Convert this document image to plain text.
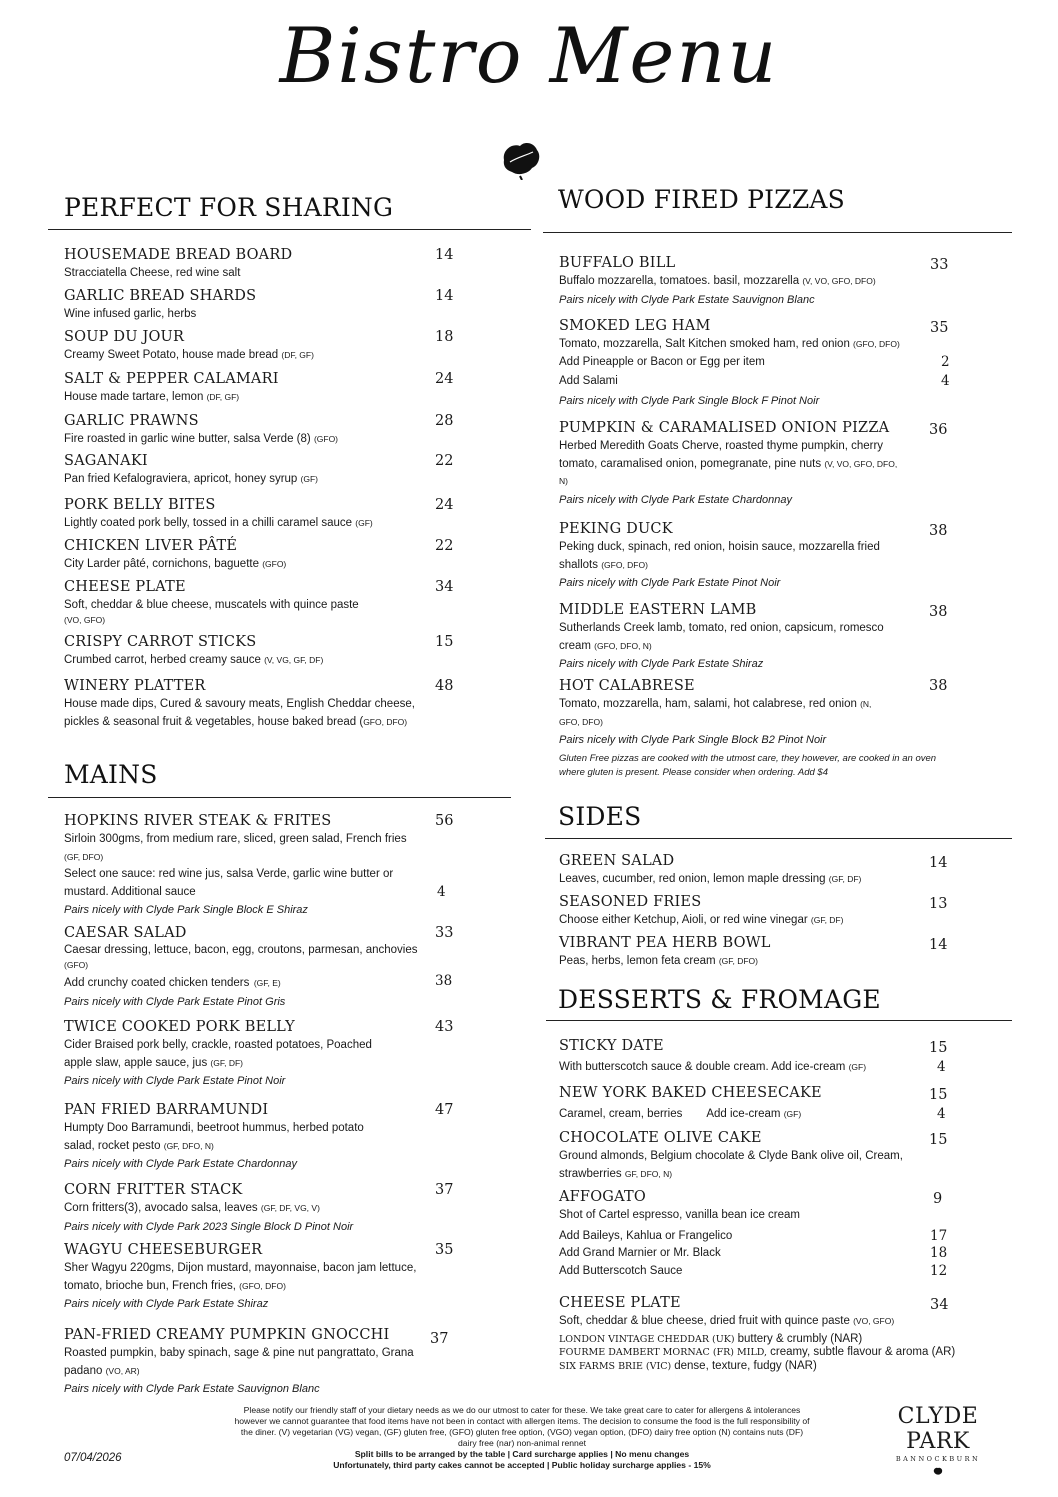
Bistro Menu
PERFECT FOR SHARING
HOUSEMADE BREAD BOARD	14
Stracciatella Cheese, red wine salt
GARLIC BREAD SHARDS	14
Wine infused garlic, herbs
SOUP DU JOUR	18
Creamy Sweet Potato, house made bread (DF, GF)
SALT & PEPPER CALAMARI	24
House made tartare, lemon (DF, GF)
GARLIC PRAWNS	28
Fire roasted in garlic wine butter, salsa Verde (8) (GFO)
SAGANAKI	22
Pan fried Kefalograviera, apricot, honey syrup (GF)
PORK BELLY BITES	24
Lightly coated pork belly, tossed in a chilli caramel sauce (GF)
CHICKEN LIVER PÂTÉ	22
City Larder pâté, cornichons, baguette (GFO)
CHEESE PLATE	34
Soft, cheddar & blue cheese, muscatels with quince paste
(VO, GFO)
CRISPY CARROT STICKS	15
Crumbed carrot, herbed creamy sauce (V, VG, GF, DF)
WINERY PLATTER	48
House made dips, Cured & savoury meats, English Cheddar cheese, pickles & seasonal fruit & vegetables, house baked bread (GFO, DFO)
MAINS
HOPKINS RIVER STEAK & FRITES	56
Sirloin 300gms, from medium rare, sliced, green salad, French fries (GF, DFO)
Select one sauce: red wine jus, salsa Verde, garlic wine butter or mustard. Additional sauce	4
Pairs nicely with Clyde Park Single Block E Shiraz
CAESAR SALAD	33
Caesar dressing, lettuce, bacon, egg, croutons, parmesan, anchovies (GFO)
Add crunchy coated chicken tenders (GF, E)	38
Pairs nicely with Clyde Park Estate Pinot Gris
TWICE COOKED PORK BELLY	43
Cider Braised pork belly, crackle, roasted potatoes, Poached apple slaw, apple sauce, jus (GF, DF)
Pairs nicely with Clyde Park Estate Pinot Noir
PAN FRIED BARRAMUNDI	47
Humpty Doo Barramundi, beetroot hummus, herbed potato salad, rocket pesto (GF, DFO, N)
Pairs nicely with Clyde Park Estate Chardonnay
CORN FRITTER STACK	37
Corn fritters(3), avocado salsa, leaves (GF, DF, VG, V)
Pairs nicely with Clyde Park 2023 Single Block D Pinot Noir
WAGYU CHEESEBURGER	35
Sher Wagyu 220gms, Dijon mustard, mayonnaise, bacon jam lettuce, tomato, brioche bun, French fries, (GFO, DFO)
Pairs nicely with Clyde Park Estate Shiraz
PAN-FRIED CREAMY PUMPKIN GNOCCHI	37
Roasted pumpkin, baby spinach, sage & pine nut pangrattato, Grana padano (VO, AR)
Pairs nicely with Clyde Park Estate Sauvignon Blanc
WOOD FIRED PIZZAS
BUFFALO BILL	33
Buffalo mozzarella, tomatoes. basil, mozzarella (V, VO, GFO, DFO)
Pairs nicely with Clyde Park Estate Sauvignon Blanc
SMOKED LEG HAM	35
Tomato, mozzarella, Salt Kitchen smoked ham, red onion (GFO, DFO)
Add Pineapple or Bacon or Egg per item	2
Add Salami	4
Pairs nicely with Clyde Park Single Block F Pinot Noir
PUMPKIN & CARAMALISED ONION PIZZA	36
Herbed Meredith Goats Cherve, roasted thyme pumpkin, cherry tomato, caramalised onion, pomegranate, pine nuts (V, VO, GFO, DFO, N)
Pairs nicely with Clyde Park Estate Chardonnay
PEKING DUCK	38
Peking duck, spinach, red onion, hoisin sauce, mozzarella fried shallots (GFO, DFO)
Pairs nicely with Clyde Park Estate Pinot Noir
MIDDLE EASTERN LAMB	38
Sutherlands Creek lamb, tomato, red onion, capsicum, romesco cream (GFO, DFO, N)
Pairs nicely with Clyde Park Estate Shiraz
HOT CALABRESE	38
Tomato, mozzarella, ham, salami, hot calabrese, red onion (N, GFO, DFO)
Pairs nicely with Clyde Park Single Block B2 Pinot Noir
Gluten Free pizzas are cooked with the utmost care, they however, are cooked in an oven where gluten is present. Please consider when ordering. Add $4
SIDES
GREEN SALAD	14
Leaves, cucumber, red onion, lemon maple dressing (GF, DF)
SEASONED FRIES	13
Choose either Ketchup, Aioli, or red wine vinegar (GF, DF)
VIBRANT PEA HERB BOWL	14
Peas, herbs, lemon feta cream (GF, DFO)
DESSERTS & FROMAGE
STICKY DATE	15
With butterscotch sauce & double cream. Add ice-cream (GF)	4
NEW YORK BAKED CHEESECAKE	15
Caramel, cream, berries Add ice-cream (GF)	4
CHOCOLATE OLIVE CAKE	15
Ground almonds, Belgium chocolate & Clyde Bank olive oil, Cream, strawberries GF, DFO, N)
AFFOGATO	9
Shot of Cartel espresso, vanilla bean ice cream
Add Baileys, Kahlua or Frangelico	17
Add Grand Marnier or Mr. Black	18
Add Butterscotch Sauce	12
CHEESE PLATE	34
Soft, cheddar & blue cheese, dried fruit with quince paste (VO, GFO)
LONDON VINTAGE CHEDDAR (UK) buttery & crumbly (NAR)
FOURME DAMBERT MORNAC (FR) MILD, creamy, subtle flavour & aroma (AR)
SIX FARMS BRIE (VIC) dense, texture, fudgy (NAR)
Please notify our friendly staff of your dietary needs as we do our utmost to cater for these. We take great care to cater for allergens & intolerances however we cannot guarantee that food items have not been in contact with allergen items. The decision to consume the food is the full responsibility of the diner. (V) vegetarian (VG) vegan, (GF) gluten free, (GFO) gluten free option, (VGO) vegan option, (DFO) dairy free option (N) contains nuts (DF) dairy free (nar) non-animal rennet
Split bills to be arranged by the table | Card surcharge applies | No menu changes
Unfortunately, third party cakes cannot be accepted | Public holiday surcharge applies - 15%
07/04/2026
CLYDE PARK
BANNOCKBURN
